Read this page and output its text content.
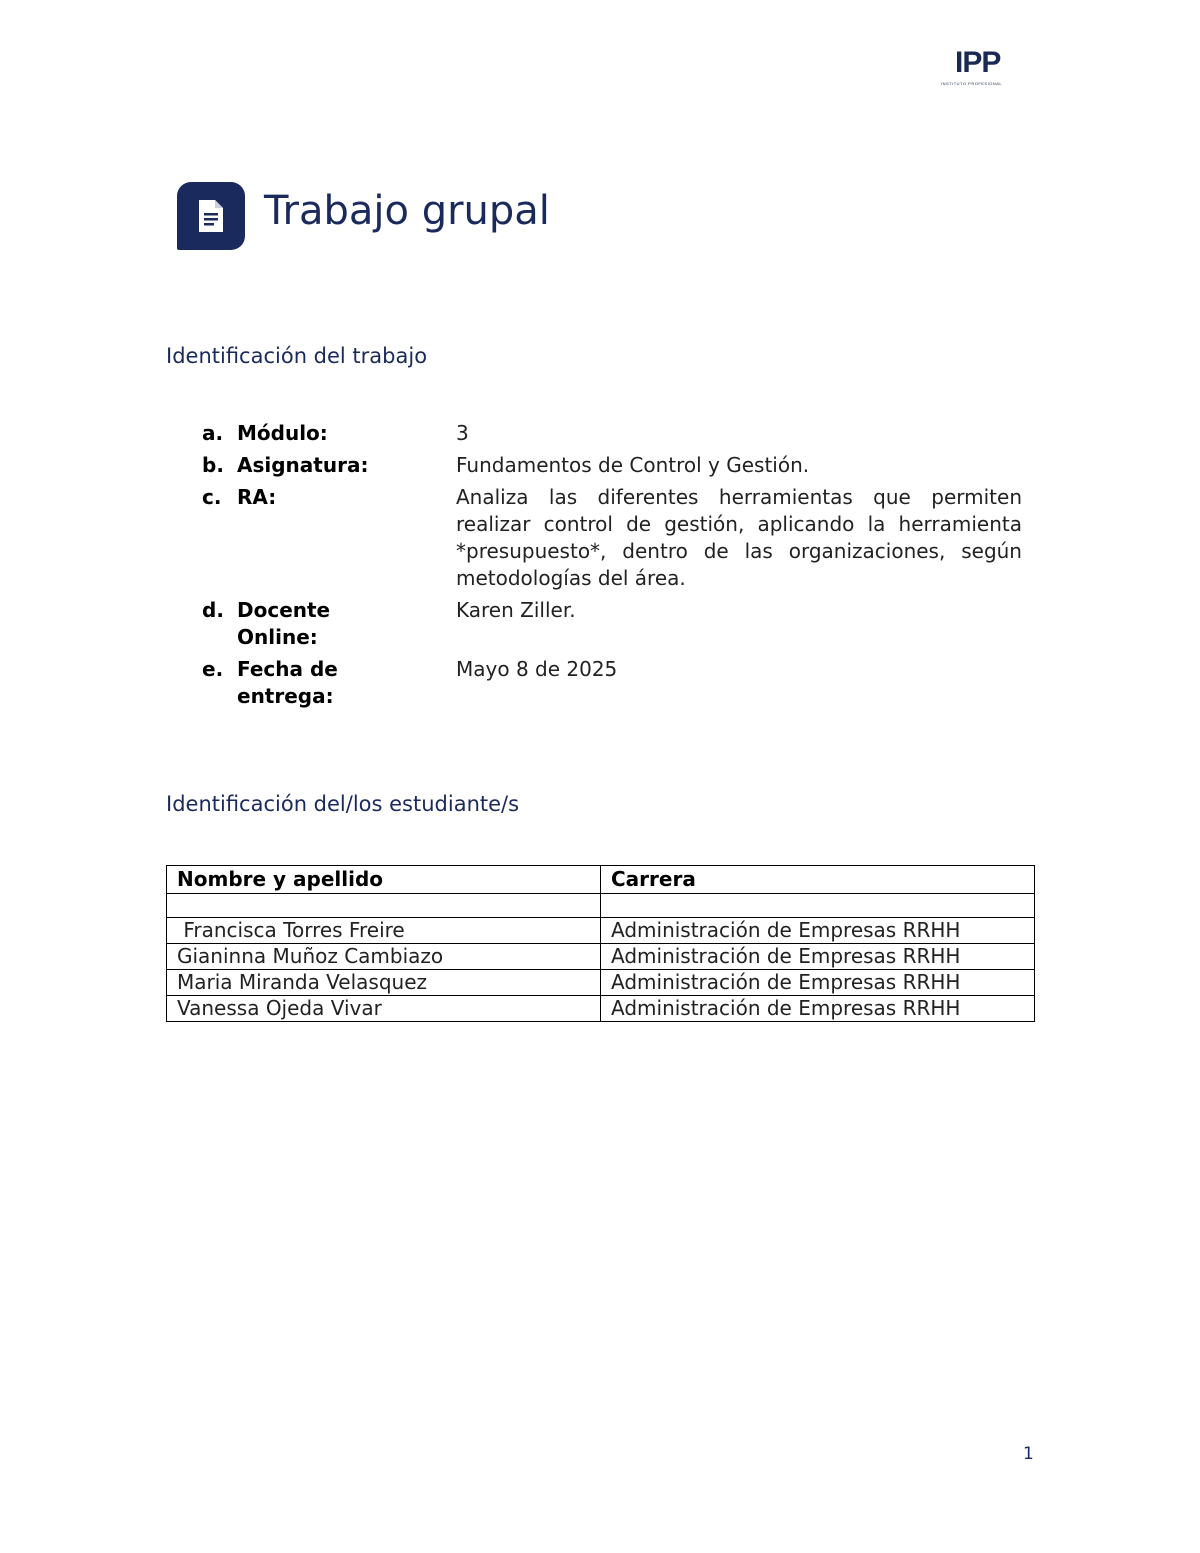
IPP
INSTITUTO PROFESIONAL
Trabajo grupal
Identificación del trabajo
a. Módulo:	3
b. Asignatura:	Fundamentos de Control y Gestión.
c. RA:	Analiza las diferentes herramientas que permiten realizar control de gestión, aplicando la herramienta *presupuesto*, dentro de las organizaciones, según metodologías del área.
d. Docente Online:
Karen Ziller.
e. Fecha de entrega:
Mayo 8 de 2025
Identificación del/los estudiante/s
Nombre y apellido	Carrera

Francisca Torres Freire	Administración de Empresas RRHH
Gianinna Muñoz Cambiazo	Administración de Empresas RRHH
Maria Miranda Velasquez	Administración de Empresas RRHH
Vanessa Ojeda Vivar	Administración de Empresas RRHH
1
